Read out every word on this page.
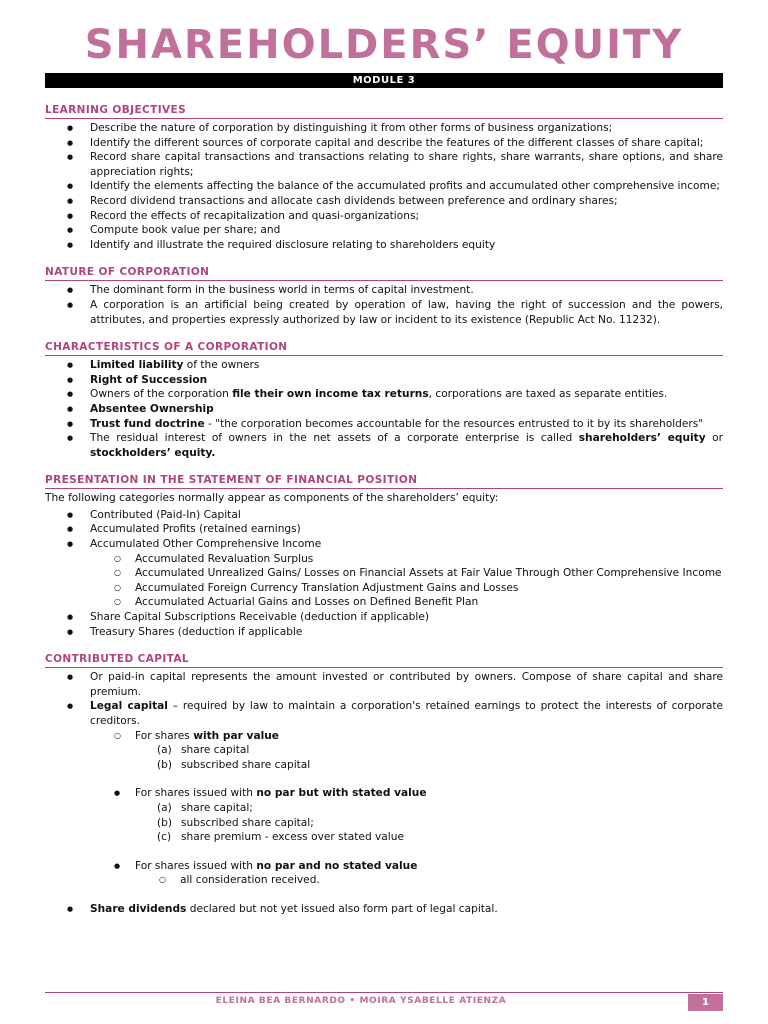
SHAREHOLDERS’ EQUITY
MODULE 3
LEARNING OBJECTIVES
● Describe the nature of corporation by distinguishing it from other forms of business organizations;
● Identify the different sources of corporate capital and describe the features of the different classes of share capital;
● Record share capital transactions and transactions relating to share rights, share warrants, share options, and share appreciation rights;
● Identify the elements affecting the balance of the accumulated profits and accumulated other comprehensive income;
● Record dividend transactions and allocate cash dividends between preference and ordinary shares;
● Record the effects of recapitalization and quasi-organizations;
● Compute book value per share; and
● Identify and illustrate the required disclosure relating to shareholders equity
NATURE OF CORPORATION
● The dominant form in the business world in terms of capital investment.
● A corporation is an artificial being created by operation of law, having the right of succession and the powers, attributes, and properties expressly authorized by law or incident to its existence (Republic Act No. 11232).
CHARACTERISTICS OF A CORPORATION
● Limited liability of the owners
● Right of Succession
● Owners of the corporation file their own income tax returns, corporations are taxed as separate entities.
● Absentee Ownership
● Trust fund doctrine - "the corporation becomes accountable for the resources entrusted to it by its shareholders"
● The residual interest of owners in the net assets of a corporate enterprise is called shareholders’ equity or stockholders’ equity.
PRESENTATION IN THE STATEMENT OF FINANCIAL POSITION
The following categories normally appear as components of the shareholders’ equity:
● Contributed (Paid-In) Capital
● Accumulated Profits (retained earnings)
● Accumulated Other Comprehensive Income
○ Accumulated Revaluation Surplus
○ Accumulated Unrealized Gains/ Losses on Financial Assets at Fair Value Through Other Comprehensive Income
○ Accumulated Foreign Currency Translation Adjustment Gains and Losses
○ Accumulated Actuarial Gains and Losses on Defined Benefit Plan
● Share Capital Subscriptions Receivable (deduction if applicable)
● Treasury Shares (deduction if applicable
CONTRIBUTED CAPITAL
● Or paid-in capital represents the amount invested or contributed by owners. Compose of share capital and share premium.
● Legal capital – required by law to maintain a corporation's retained earnings to protect the interests of corporate creditors.
○ For shares with par value
(a) share capital
(b) subscribed share capital
● For shares issued with no par but with stated value
(a) share capital;
(b) subscribed share capital;
(c) share premium - excess over stated value
● For shares issued with no par and no stated value
○ all consideration received.
● Share dividends declared but not yet issued also form part of legal capital.
ELEINA BEA BERNARDO • MOIRA YSABELLE ATIENZA	1
